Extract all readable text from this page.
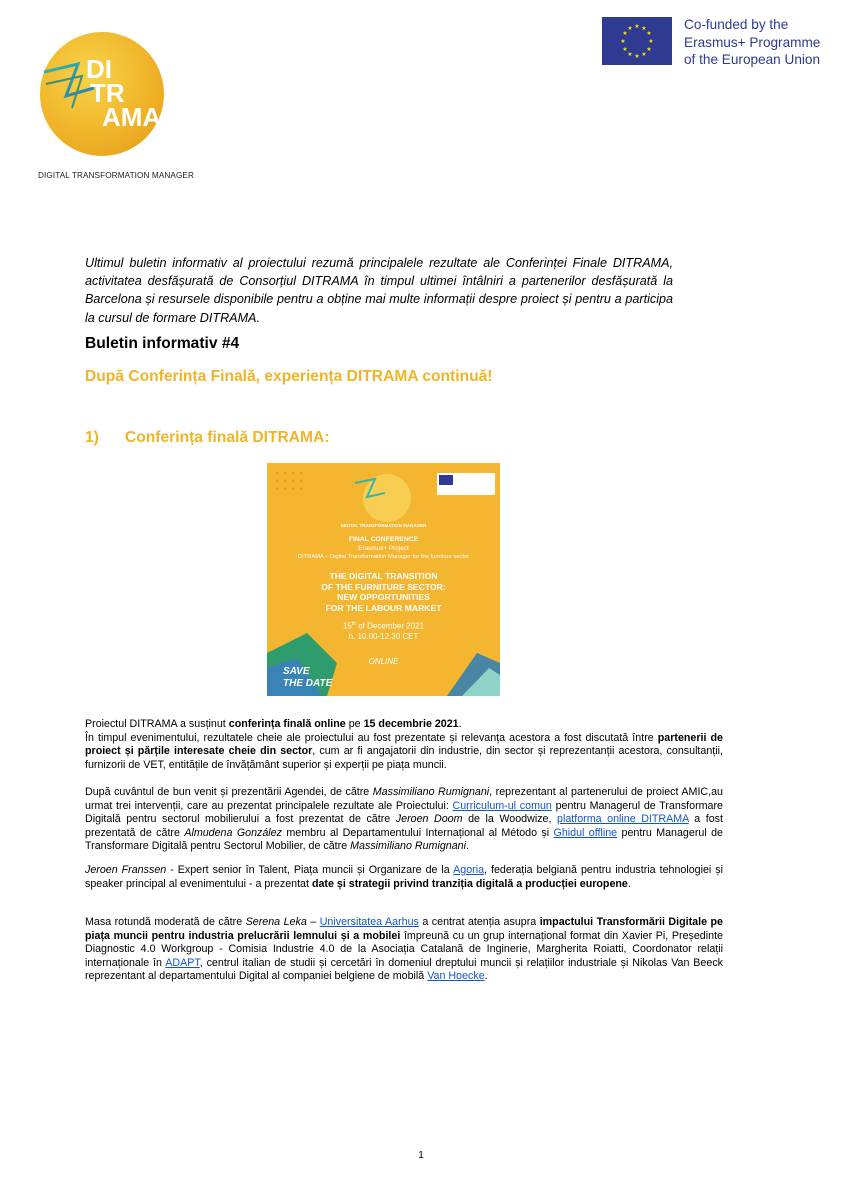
DI
TR
AMA
DIGITAL TRANSFORMATION MANAGER
★ ★
★
★
★
★
★
★
★
★
★
★	Co-funded by the
Erasmus+ Programme
of the European Union
Ultimul buletin informativ al proiectului rezumă principalele rezultate ale Conferinței Finale DITRAMA, activitatea desfășurată de Consorțiul DITRAMA în timpul ultimei întâlniri a partenerilor desfășurată la Barcelona și resursele disponibile pentru a obține mai multe informații despre proiect și pentru a participa la cursul de formare DITRAMA.
Buletin informativ #4
După Conferința Finală, experiența DITRAMA continuă!
1) Conferința finală DITRAMA:
DIGITAL TRANSFORMATION MANAGER
FINAL CONFERENCE
Erasmus+ Project
DITRAMA – Digital Transformation Manager for the furniture sector
THE DIGITAL TRANSITION
OF THE FURNITURE SECTOR:
NEW OPPORTUNITIES
FOR THE LABOUR MARKET
15th of December 2021
h. 10.00-12.30 CET
ONLINE
SAVE
THE DATE
Proiectul DITRAMA a susținut conferința finală online pe 15 decembrie 2021.
În timpul evenimentului, rezultatele cheie ale proiectului au fost prezentate și relevanța acestora a fost discutată între partenerii de proiect și părțile interesate cheie din sector, cum ar fi angajatorii din industrie, din sector și reprezentanții acestora, consultanții, furnizorii de VET, entitățile de învățământ superior și experții pe piața muncii.
După cuvântul de bun venit și prezentării Agendei, de către Massimiliano Rumignani, reprezentant al partenerului de proiect AMIC,au urmat trei intervenții, care au prezentat principalele rezultate ale Proiectului: Curriculum-ul comun pentru Managerul de Transformare Digitală pentru sectorul mobilierului a fost prezentat de către Jeroen Doom de la Woodwize, platforma online DITRAMA a fost prezentată de către Almudena González membru al Departamentului Internațional al Método și Ghidul offline pentru Managerul de Transformare Digitală pentru Sectorul Mobilier, de către Massimiliano Rumignani.
Jeroen Franssen - Expert senior în Talent, Piața muncii și Organizare de la Agoria, federația belgiană pentru industria tehnologiei și speaker principal al evenimentului - a prezentat date și strategii privind tranziția digitală a producției europene.
Masa rotundă moderată de către Serena Leka – Universitatea Aarhus a centrat atenția asupra impactului Transformării Digitale pe piața muncii pentru industria prelucrării lemnului și a mobilei împreună cu un grup internațional format din Xavier Pi, Președinte Diagnostic 4.0 Workgroup - Comisia Industrie 4.0 de la Asociația Catalană de Inginerie, Margherita Roiatti, Coordonator relații internaționale în ADAPT, centrul italian de studii și cercetări în domeniul dreptului muncii și relațiilor industriale și Nikolas Van Beeck reprezentant al departamentului Digital al companiei belgiene de mobilă Van Hoecke.
1
